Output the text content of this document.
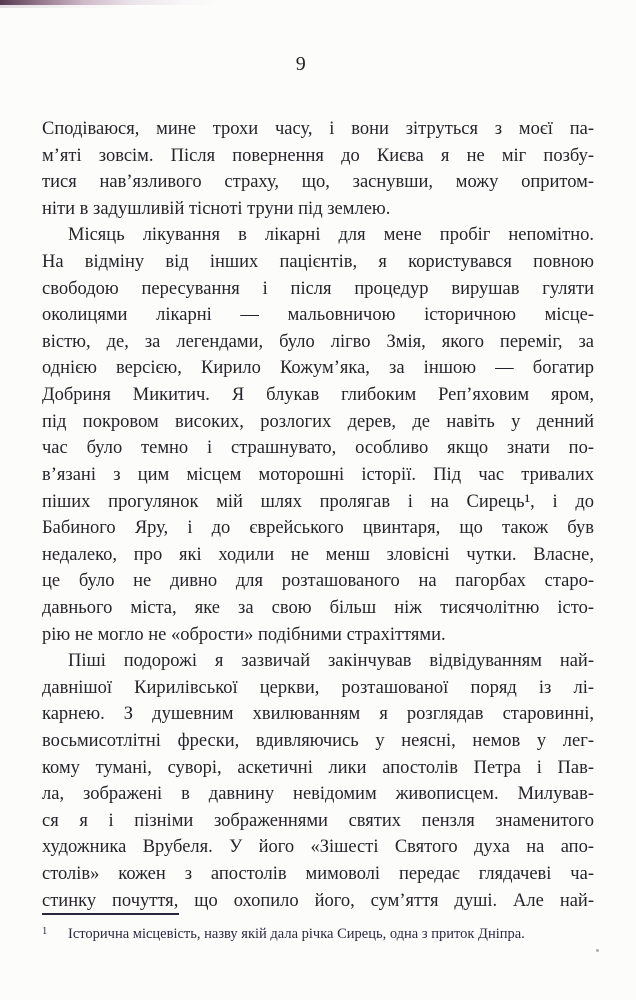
9
Сподіваюся, мине трохи часу, і вони зітруться з моєї па-
м’яті зовсім. Після повернення до Києва я не міг позбу-
тися нав’язливого страху, що, заснувши, можу опритом-
ніти в задушливій тісноті труни під землею.
Місяць лікування в лікарні для мене пробіг непомітно.
На відміну від інших пацієнтів, я користувався повною
свободою пересування і після процедур вирушав гуляти
околицями лікарні — мальовничою історичною місце-
вістю, де, за легендами, було лігво Змія, якого переміг, за
однією версією, Кирило Кожум’яка, за іншою — богатир
Добриня Микитич. Я блукав глибоким Реп’яховим яром,
під покровом високих, розлогих дерев, де навіть у денний
час було темно і страшнувато, особливо якщо знати по-
в’язані з цим місцем моторошні історії. Під час тривалих
піших прогулянок мій шлях пролягав і на Сирець¹, і до
Бабиного Яру, і до єврейського цвинтаря, що також був
недалеко, про які ходили не менш зловісні чутки. Власне,
це було не дивно для розташованого на пагорбах старо-
давнього міста, яке за свою більш ніж тисячолітню істо-
рію не могло не «обрости» подібними страхіттями.
Піші подорожі я зазвичай закінчував відвідуванням най-
давнішої Кирилівської церкви, розташованої поряд із лі-
карнею. З душевним хвилюванням я розглядав старовинні,
восьмисотлітні фрески, вдивляючись у неясні, немов у лег-
кому тумані, суворі, аскетичні лики апостолів Петра і Пав-
ла, зображені в давнину невідомим живописцем. Милував-
ся я і пізніми зображеннями святих пензля знаменитого
художника Врубеля. У його «Зішесті Святого духа на апо-
столів» кожен з апостолів мимоволі передає глядачеві ча-
стинку почуття, що охопило його, сум’яття душі. Але най-
1	Історична місцевість, назву якій дала річка Сирець, одна з приток Дніпра.
